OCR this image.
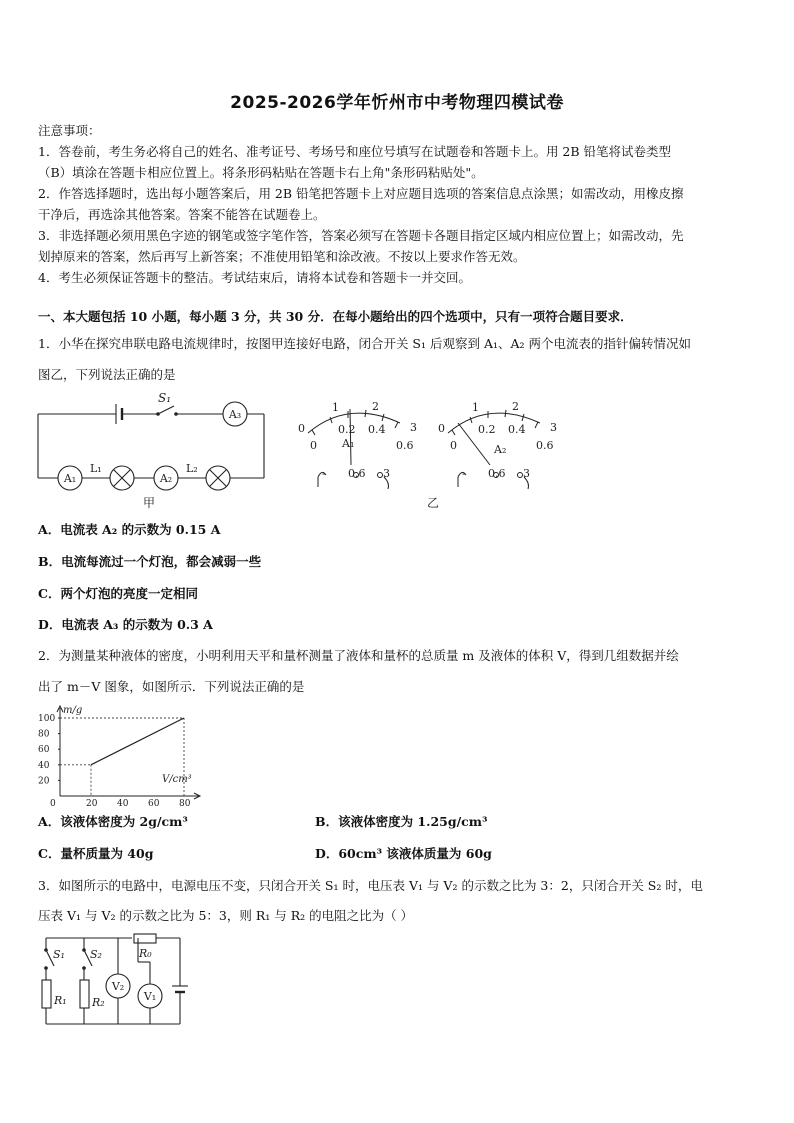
2025-2026学年忻州市中考物理四模试卷
注意事项：
1．答卷前，考生务必将自己的姓名、准考证号、考场号和座位号填写在试题卷和答题卡上。用 2B 铅笔将试卷类型
（B）填涂在答题卡相应位置上。将条形码粘贴在答题卡右上角"条形码粘贴处"。
2．作答选择题时，选出每小题答案后，用 2B 铅笔把答题卡上对应题目选项的答案信息点涂黑；如需改动，用橡皮擦
干净后，再选涂其他答案。答案不能答在试题卷上。
3．非选择题必须用黑色字迹的钢笔或签字笔作答，答案必须写在答题卡各题目指定区域内相应位置上；如需改动，先
划掉原来的答案，然后再写上新答案；不准使用铅笔和涂改液。不按以上要求作答无效。
4．考生必须保证答题卡的整洁。考试结束后，请将本试卷和答题卡一并交回。
一、本大题包括 10 小题，每小题 3 分，共 30 分．在每小题给出的四个选项中，只有一项符合题目要求．
1．小华在探究串联电路电流规律时，按图甲连接好电路，闭合开关 S₁ 后观察到 A₁、A₂ 两个电流表的指针偏转情况如
图乙，下列说法正确的是
S₁
A₃
A₁
L₁
A₂
L₂
甲
0
1	2
3
0
0.2 0.4
0.6
A₁
- 0.6 3
0
1	2
3
0
0.2 0.4
0.6
A₂
- 0.6 3
乙
A．电流表 A₂ 的示数为 0.15 A
B．电流每流过一个灯泡，都会减弱一些
C．两个灯泡的亮度一定相同
D．电流表 A₃ 的示数为 0.3 A
2．为测量某种液体的密度，小明利用天平和量杯测量了液体和量杯的总质量 m 及液体的体积 V，得到几组数据并绘
出了 m－V 图象，如图所示．下列说法正确的是
20
40
60
80
100
0	20 40 60 80
m/g
V/cm³
A．该液体密度为 2g/cm³	B．该液体密度为 1.25g/cm³
C．量杯质量为 40g	D．60cm³ 该液体质量为 60g
3．如图所示的电路中，电源电压不变，只闭合开关 S₁ 时，电压表 V₁ 与 V₂ 的示数之比为 3：2，只闭合开关 S₂ 时，电
压表 V₁ 与 V₂ 的示数之比为 5：3，则 R₁ 与 R₂ 的电阻之比为（ ）
S₁ S₂	R₀
R₁ R₂
V₂
V₁
